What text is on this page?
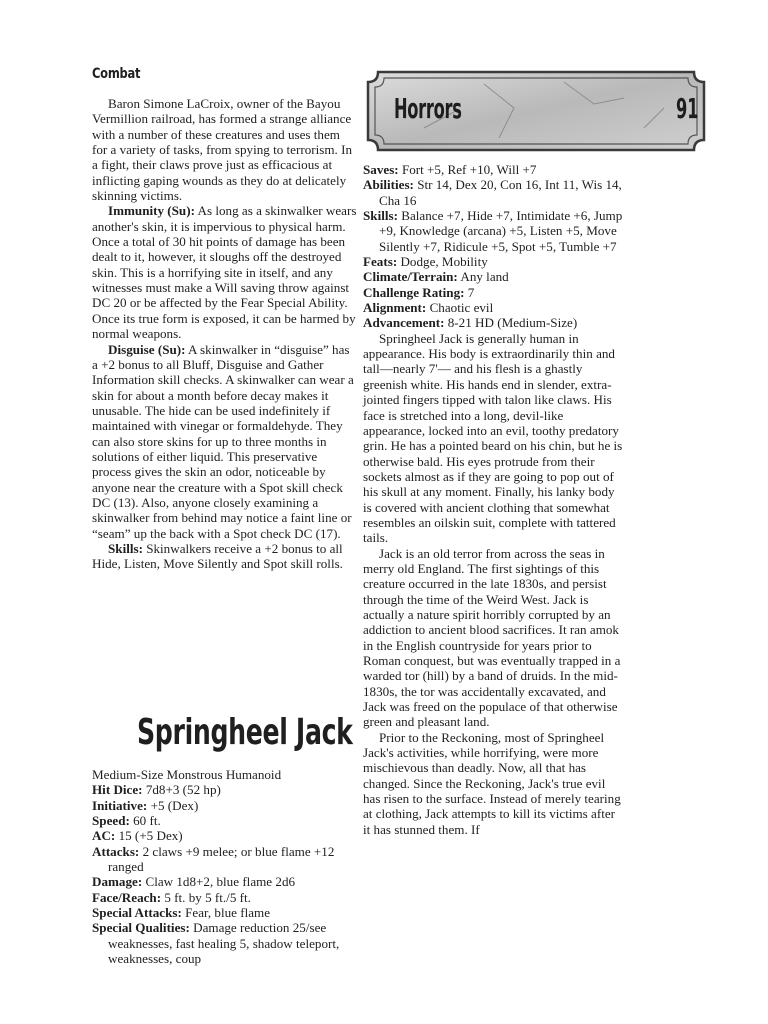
Combat

Baron Simone LaCroix, owner of the Bayou Vermillion railroad, has formed a strange alliance with a number of these creatures and uses them for a variety of tasks, from spying to terrorism. In a fight, their claws prove just as efficacious at inflicting gaping wounds as they do at delicately skinning victims.

Immunity (Su): As long as a skinwalker wears another's skin, it is impervious to physical harm. Once a total of 30 hit points of damage has been dealt to it, however, it sloughs off the destroyed skin. This is a horrifying site in itself, and any witnesses must make a Will saving throw against DC 20 or be affected by the Fear Special Ability. Once its true form is exposed, it can be harmed by normal weapons.

Disguise (Su): A skinwalker in “disguise” has a +2 bonus to all Bluff, Disguise and Gather Information skill checks. A skinwalker can wear a skin for about a month before decay makes it unusable. The hide can be used indefinitely if maintained with vinegar or formaldehyde. They can also store skins for up to three months in solutions of either liquid. This preservative process gives the skin an odor, noticeable by anyone near the creature with a Spot skill check DC (13). Also, anyone closely examining a skinwalker from behind may notice a faint line or “seam” up the back with a Spot check DC (17).

Skills: Skinwalkers receive a +2 bonus to all Hide, Listen, Move Silently and Spot skill rolls.

Springheel Jack

Medium-Size Monstrous Humanoid

Hit Dice: 7d8+3 (52 hp)

Initiative: +5 (Dex)

Speed: 60 ft.

AC: 15 (+5 Dex)

Attacks: 2 claws +9 melee; or blue flame +12 ranged

Damage: Claw 1d8+2, blue flame 2d6

Face/Reach: 5 ft. by 5 ft./5 ft.

Special Attacks: Fear, blue flame

Special Qualities: Damage reduction 25/see weaknesses, fast healing 5, shadow teleport, weaknesses, coup

Horrors	91

Saves: Fort +5, Ref +10, Will +7

Abilities: Str 14, Dex 20, Con 16, Int 11, Wis 14, Cha 16

Skills: Balance +7, Hide +7, Intimidate +6, Jump +9, Knowledge (arcana) +5, Listen +5, Move Silently +7, Ridicule +5, Spot +5, Tumble +7

Feats: Dodge, Mobility

Climate/Terrain: Any land

Challenge Rating: 7

Alignment: Chaotic evil

Advancement: 8-21 HD (Medium-Size)

Springheel Jack is generally human in appearance. His body is extraordinarily thin and tall—nearly 7'— and his flesh is a ghastly greenish white. His hands end in slender, extra-jointed fingers tipped with talon like claws. His face is stretched into a long, devil-like appearance, locked into an evil, toothy predatory grin. He has a pointed beard on his chin, but he is otherwise bald. His eyes protrude from their sockets almost as if they are going to pop out of his skull at any moment. Finally, his lanky body is covered with ancient clothing that somewhat resembles an oilskin suit, complete with tattered tails.

Jack is an old terror from across the seas in merry old England. The first sightings of this creature occurred in the late 1830s, and persist through the time of the Weird West. Jack is actually a nature spirit horribly corrupted by an addiction to ancient blood sacrifices. It ran amok in the English countryside for years prior to Roman conquest, but was eventually trapped in a warded tor (hill) by a band of druids. In the mid-1830s, the tor was accidentally excavated, and Jack was freed on the populace of that otherwise green and pleasant land.

Prior to the Reckoning, most of Springheel Jack's activities, while horrifying, were more mischievous than deadly. Now, all that has changed. Since the Reckoning, Jack's true evil has risen to the surface. Instead of merely tearing at clothing, Jack attempts to kill its victims after it has stunned them. If
